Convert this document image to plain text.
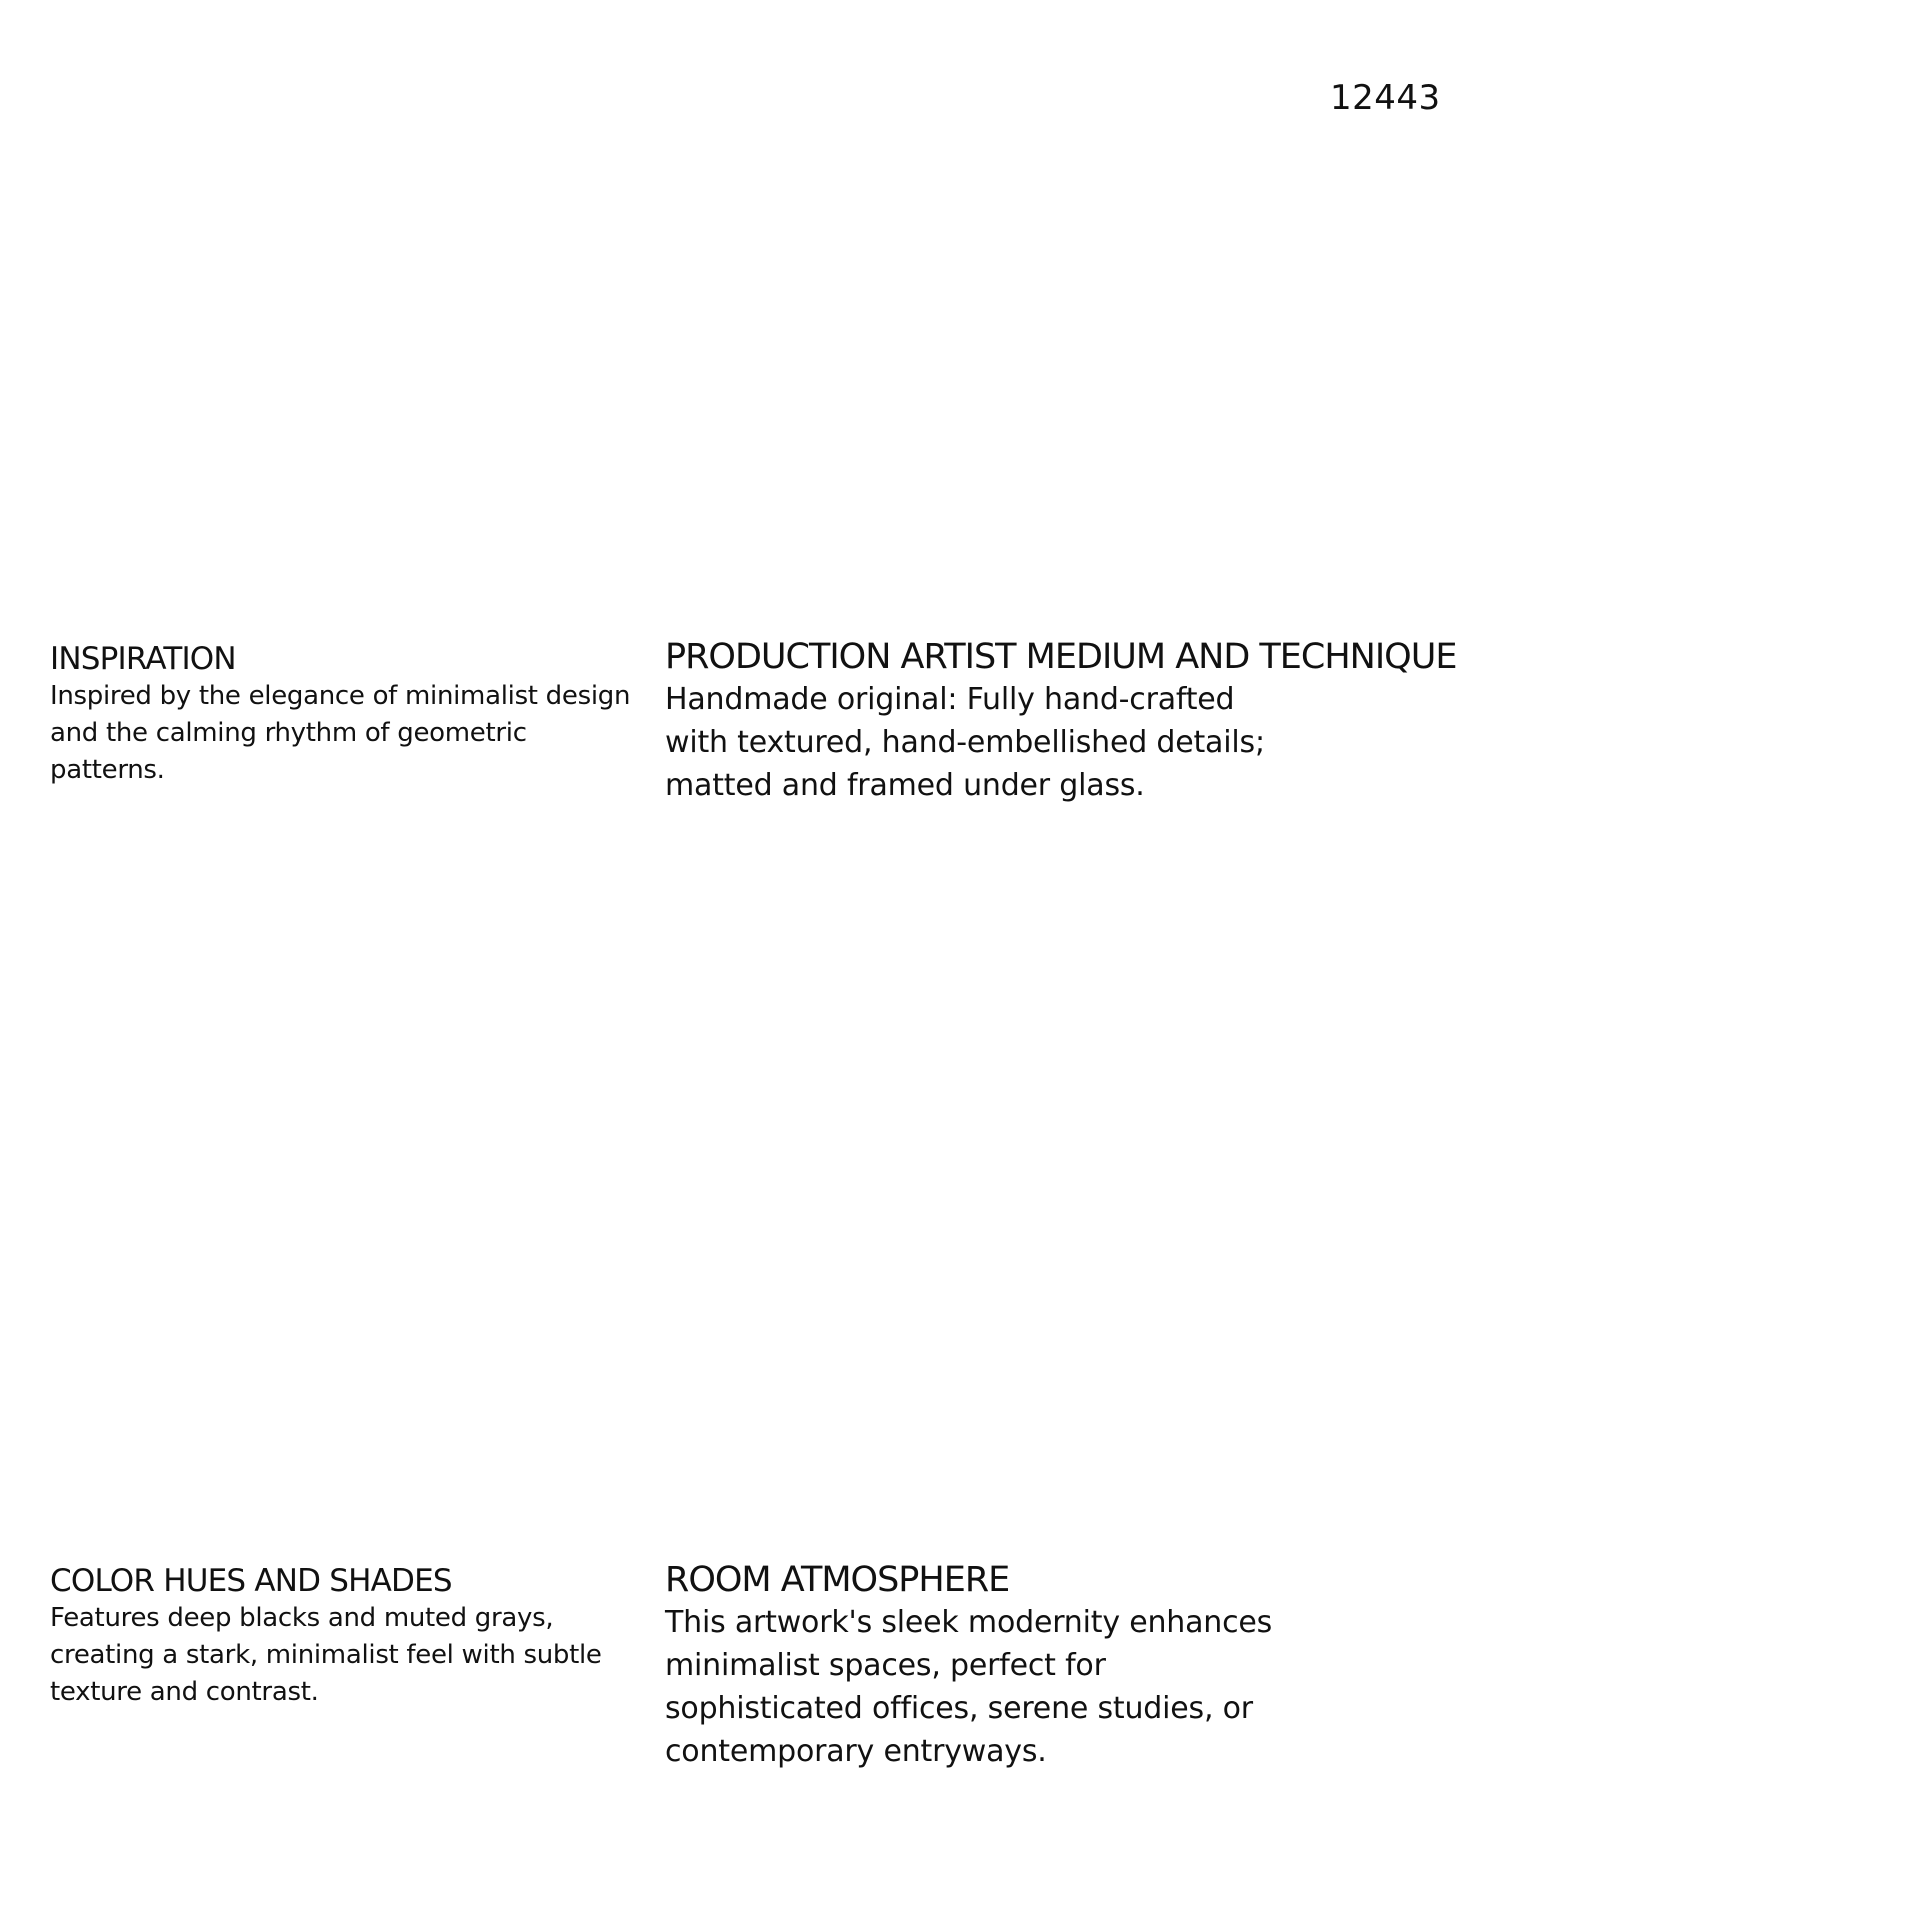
12443
INSPIRATION

Inspired by the elegance of minimalist design
and the calming rhythm of geometric
patterns.

PRODUCTION ARTIST MEDIUM AND TECHNIQUE

Handmade original: Fully hand-crafted
with textured, hand-embellished details;
matted and framed under glass.

COLOR HUES AND SHADES

Features deep blacks and muted grays,
creating a stark, minimalist feel with subtle
texture and contrast.

ROOM ATMOSPHERE

This artwork's sleek modernity enhances
minimalist spaces, perfect for
sophisticated offices, serene studies, or
contemporary entryways.
